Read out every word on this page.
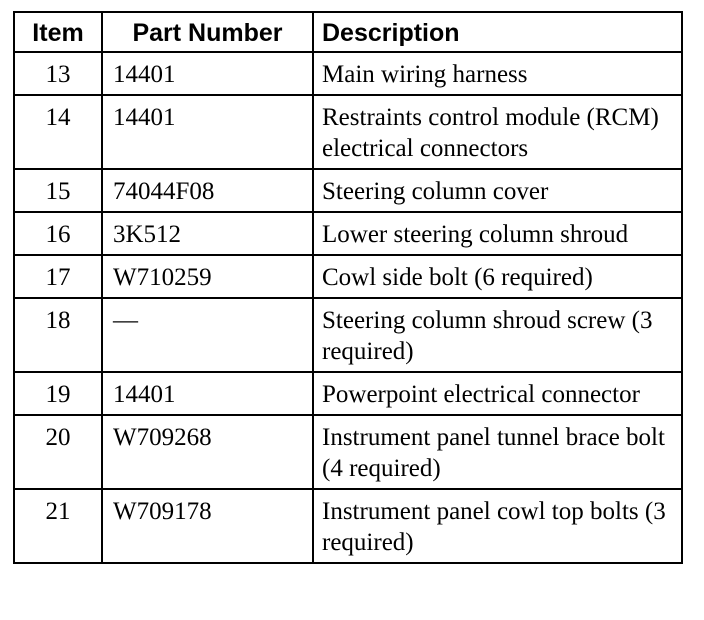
Item	Part Number	Description
13	14401	Main wiring harness
14	14401	Restraints control module (RCM) electrical connectors
15	74044F08	Steering column cover
16	3K512	Lower steering column shroud
17	W710259	Cowl side bolt (6 required)
18	—	Steering column shroud screw (3 required)
19	14401	Powerpoint electrical connector
20	W709268	Instrument panel tunnel brace bolt (4 required)
21	W709178	Instrument panel cowl top bolts (3 required)
